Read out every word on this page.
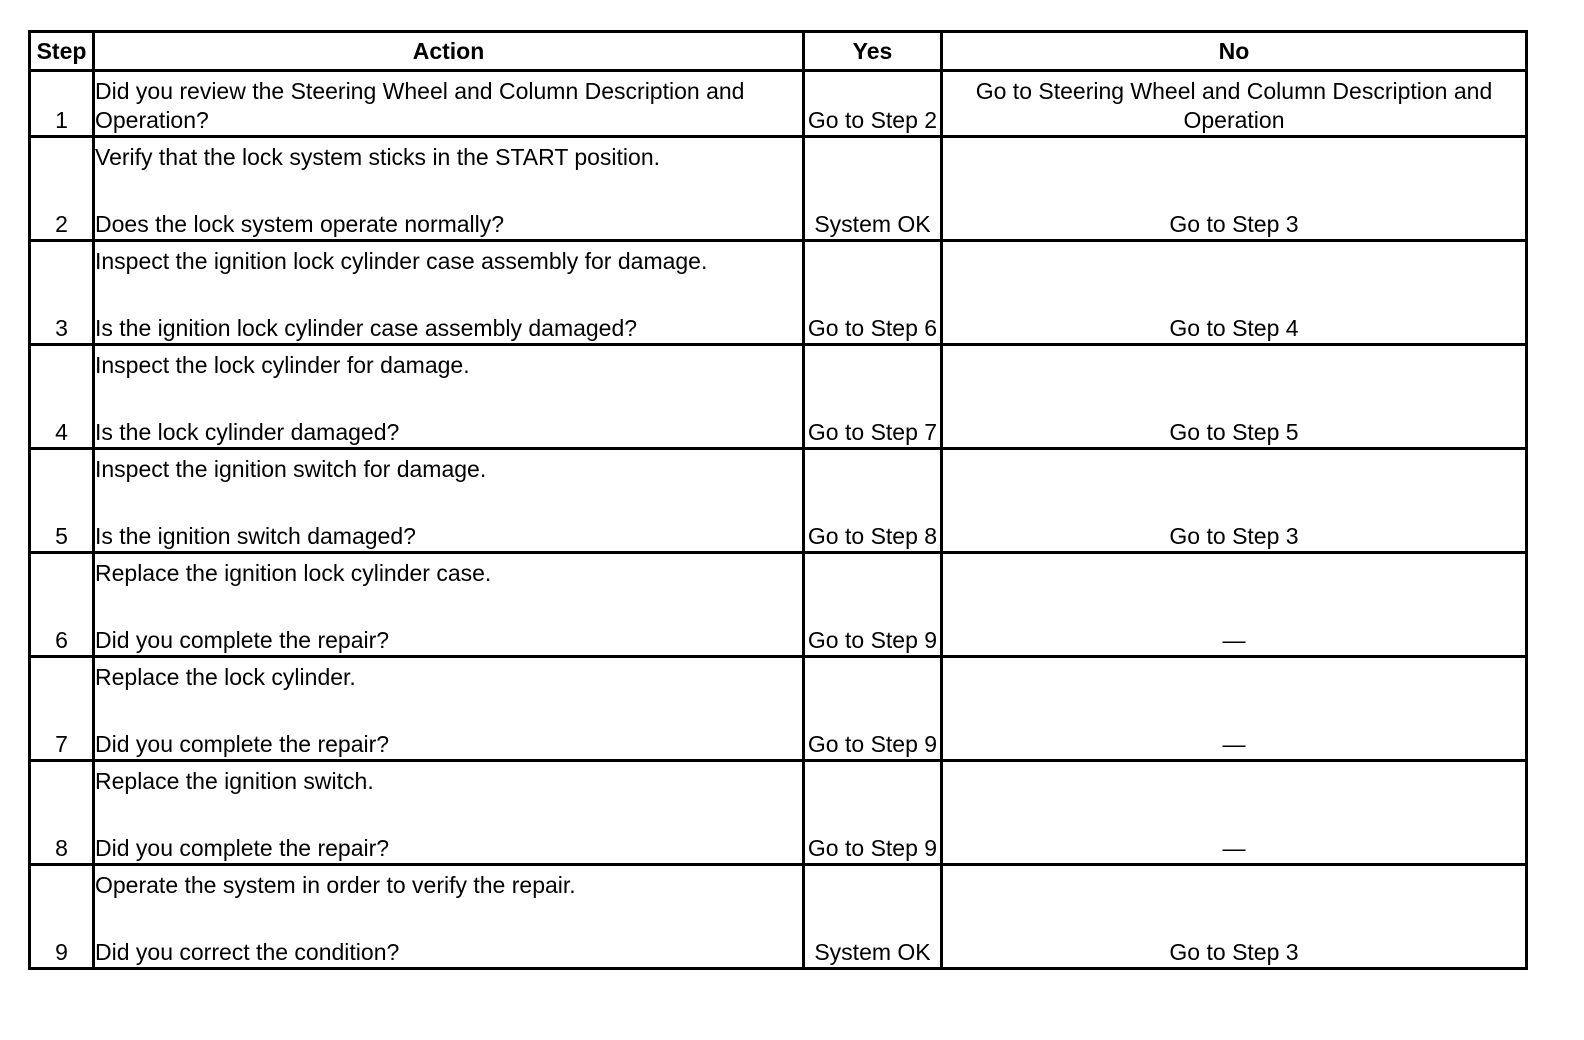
Step	Action	Yes	No
1	Did you review the Steering Wheel and Column Description and Operation?	Go to Step 2	Go to Steering Wheel and Column Description and Operation
2	Verify that the lock system sticks in the START position.
Does the lock system operate normally?	System OK	Go to Step 3
3	Inspect the ignition lock cylinder case assembly for damage.
Is the ignition lock cylinder case assembly damaged?	Go to Step 6	Go to Step 4
4	Inspect the lock cylinder for damage.
Is the lock cylinder damaged?	Go to Step 7	Go to Step 5
5	Inspect the ignition switch for damage.
Is the ignition switch damaged?	Go to Step 8	Go to Step 3
6	Replace the ignition lock cylinder case.
Did you complete the repair?	Go to Step 9	—
7	Replace the lock cylinder.
Did you complete the repair?	Go to Step 9	—
8	Replace the ignition switch.
Did you complete the repair?	Go to Step 9	—
9	Operate the system in order to verify the repair.
Did you correct the condition?	System OK	Go to Step 3
